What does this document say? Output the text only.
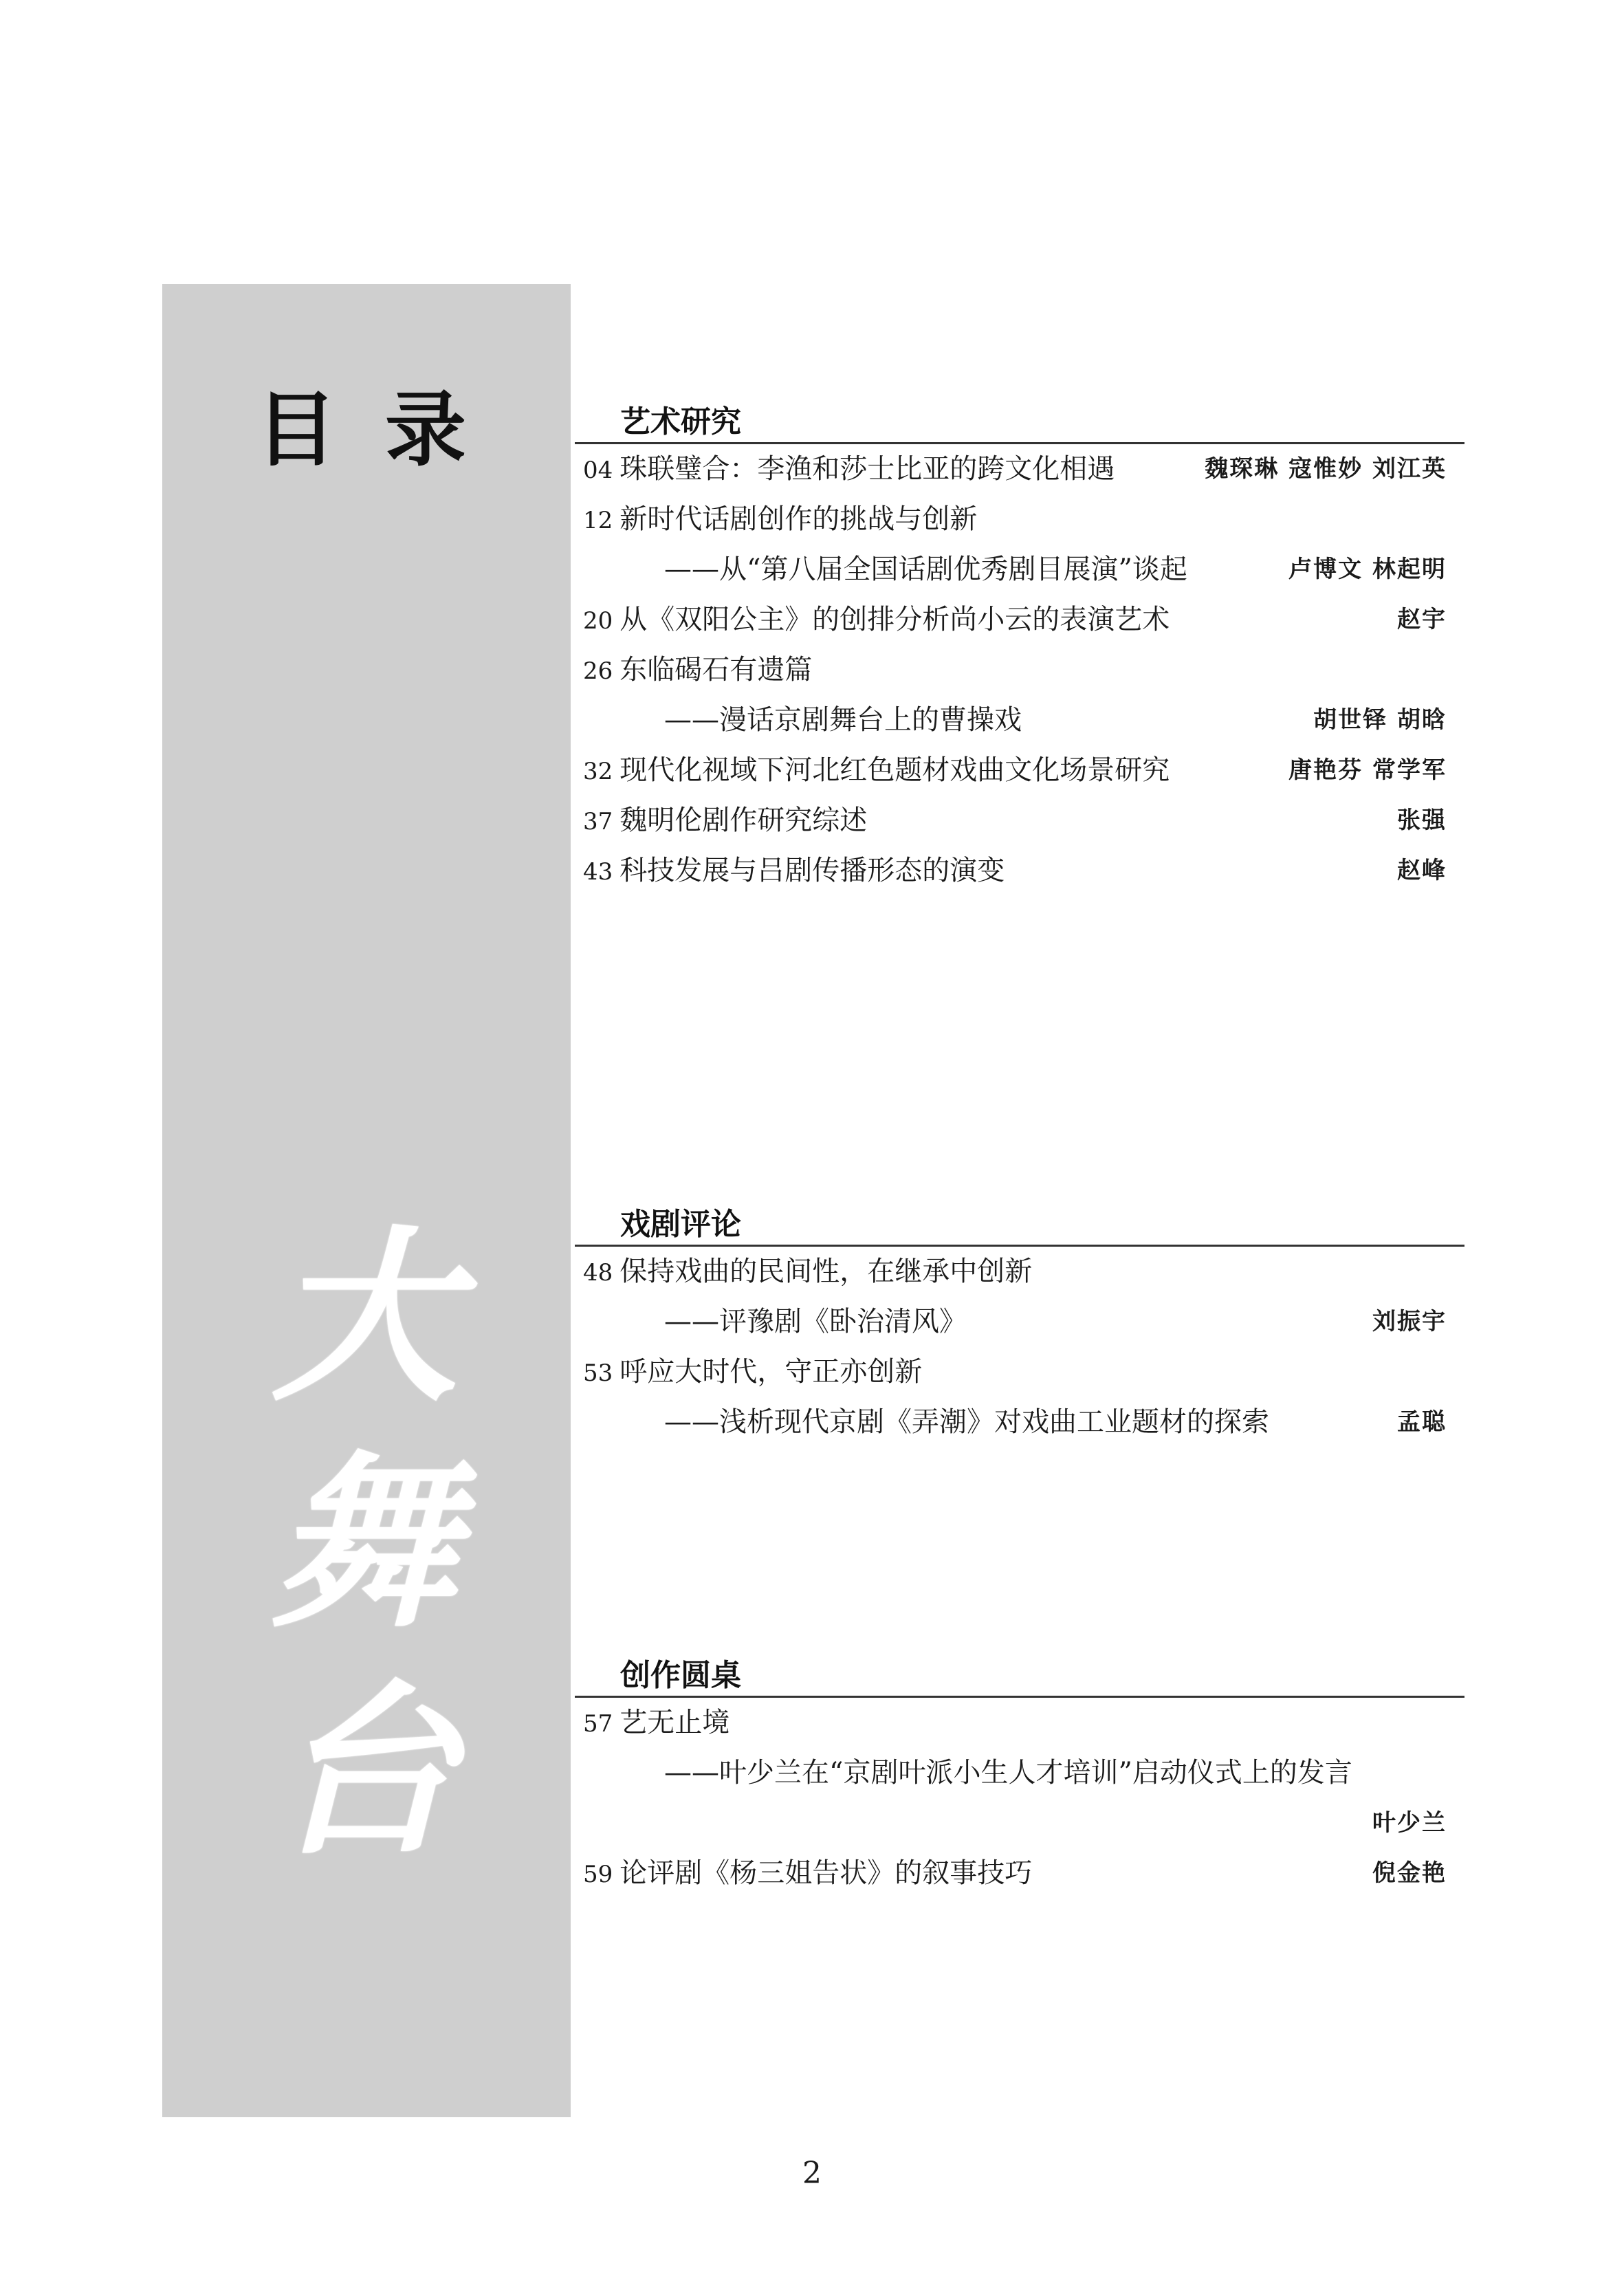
目录
大
舞
台
艺术研究
04 珠联璧合：李渔和莎士比亚的跨文化相遇	魏琛琳 寇惟妙 刘江英
12 新时代话剧创作的挑战与创新
——从“第八届全国话剧优秀剧目展演”谈起	卢博文 林起明
20 从《双阳公主》的创排分析尚小云的表演艺术	赵宇
26 东临碣石有遗篇
——漫话京剧舞台上的曹操戏	胡世铎 胡晗
32 现代化视域下河北红色题材戏曲文化场景研究	唐艳芬 常学军
37 魏明伦剧作研究综述	张强
43 科技发展与吕剧传播形态的演变	赵峰
戏剧评论
48 保持戏曲的民间性，在继承中创新
——评豫剧《卧治清风》	刘振宇
53 呼应大时代，守正亦创新
——浅析现代京剧《弄潮》对戏曲工业题材的探索	孟聪
创作圆桌
57 艺无止境
——叶少兰在“京剧叶派小生人才培训”启动仪式上的发言
叶少兰
59 论评剧《杨三姐告状》的叙事技巧	倪金艳
2
